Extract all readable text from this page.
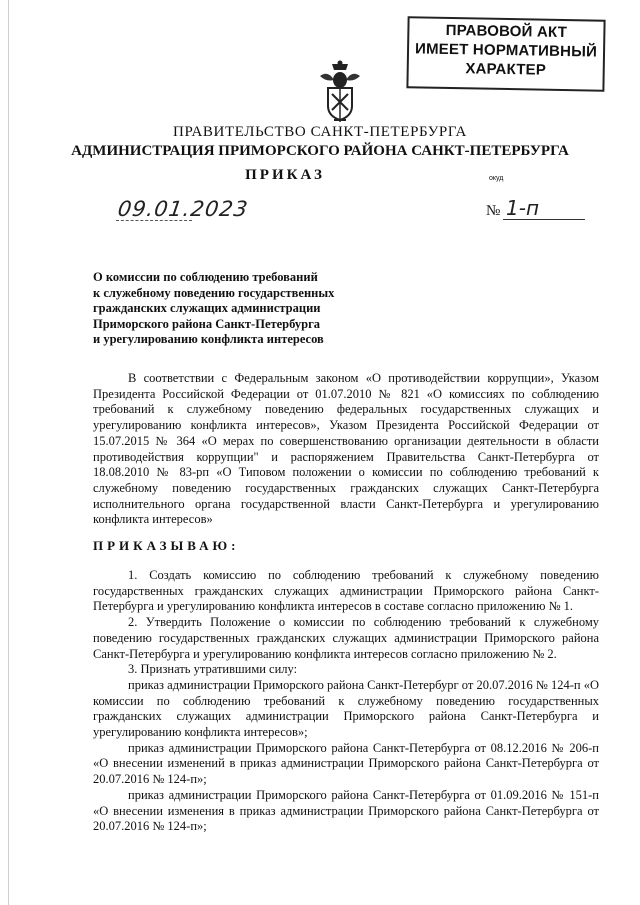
ПРАВОВОЙ АКТ
ИМЕЕТ НОРМАТИВНЫЙ
ХАРАКТЕР
ПРАВИТЕЛЬСТВО САНКТ-ПЕТЕРБУРГА
АДМИНИСТРАЦИЯ ПРИМОРСКОГО РАЙОНА САНКТ-ПЕТЕРБУРГА
ПРИКАЗ	окуд
09.01.2023	№ 1-п
О комиссии по соблюдению требований
к служебному поведению государственных
гражданских служащих администрации
Приморского района Санкт-Петербурга
и урегулированию конфликта интересов

В соответствии с Федеральным законом «О противодействии коррупции», Указом Президента Российской Федерации от 01.07.2010 № 821 «О комиссиях по соблюдению требований к служебному поведению федеральных государственных служащих и урегулированию конфликта интересов», Указом Президента Российской Федерации от 15.07.2015 № 364 «О мерах по совершенствованию организации деятельности в области противодействия коррупции" и распоряжением Правительства Санкт-Петербурга от 18.08.2010 № 83-рп «О Типовом положении о комиссии по соблюдению требований к служебному поведению государственных гражданских служащих Санкт-Петербурга исполнительного органа государственной власти Санкт-Петербурга и урегулированию конфликта интересов»

ПРИКАЗЫВАЮ:

1. Создать комиссию по соблюдению требований к служебному поведению государственных гражданских служащих администрации Приморского района Санкт-Петербурга и урегулированию конфликта интересов в составе согласно приложению № 1.

2. Утвердить Положение о комиссии по соблюдению требований к служебному поведению государственных гражданских служащих администрации Приморского района Санкт-Петербурга и урегулированию конфликта интересов согласно приложению № 2.

3. Признать утратившими силу:

приказ администрации Приморского района Санкт-Петербург от 20.07.2016 № 124-п «О комиссии по соблюдению требований к служебному поведению государственных гражданских служащих администрации Приморского района Санкт-Петербурга и урегулированию конфликта интересов»;

приказ администрации Приморского района Санкт-Петербурга от 08.12.2016 № 206-п «О внесении изменений в приказ администрации Приморского района Санкт-Петербурга от 20.07.2016 № 124-п»;

приказ администрации Приморского района Санкт-Петербурга от 01.09.2016 № 151-п «О внесении изменения в приказ администрации Приморского района Санкт-Петербурга от 20.07.2016 № 124-п»;
